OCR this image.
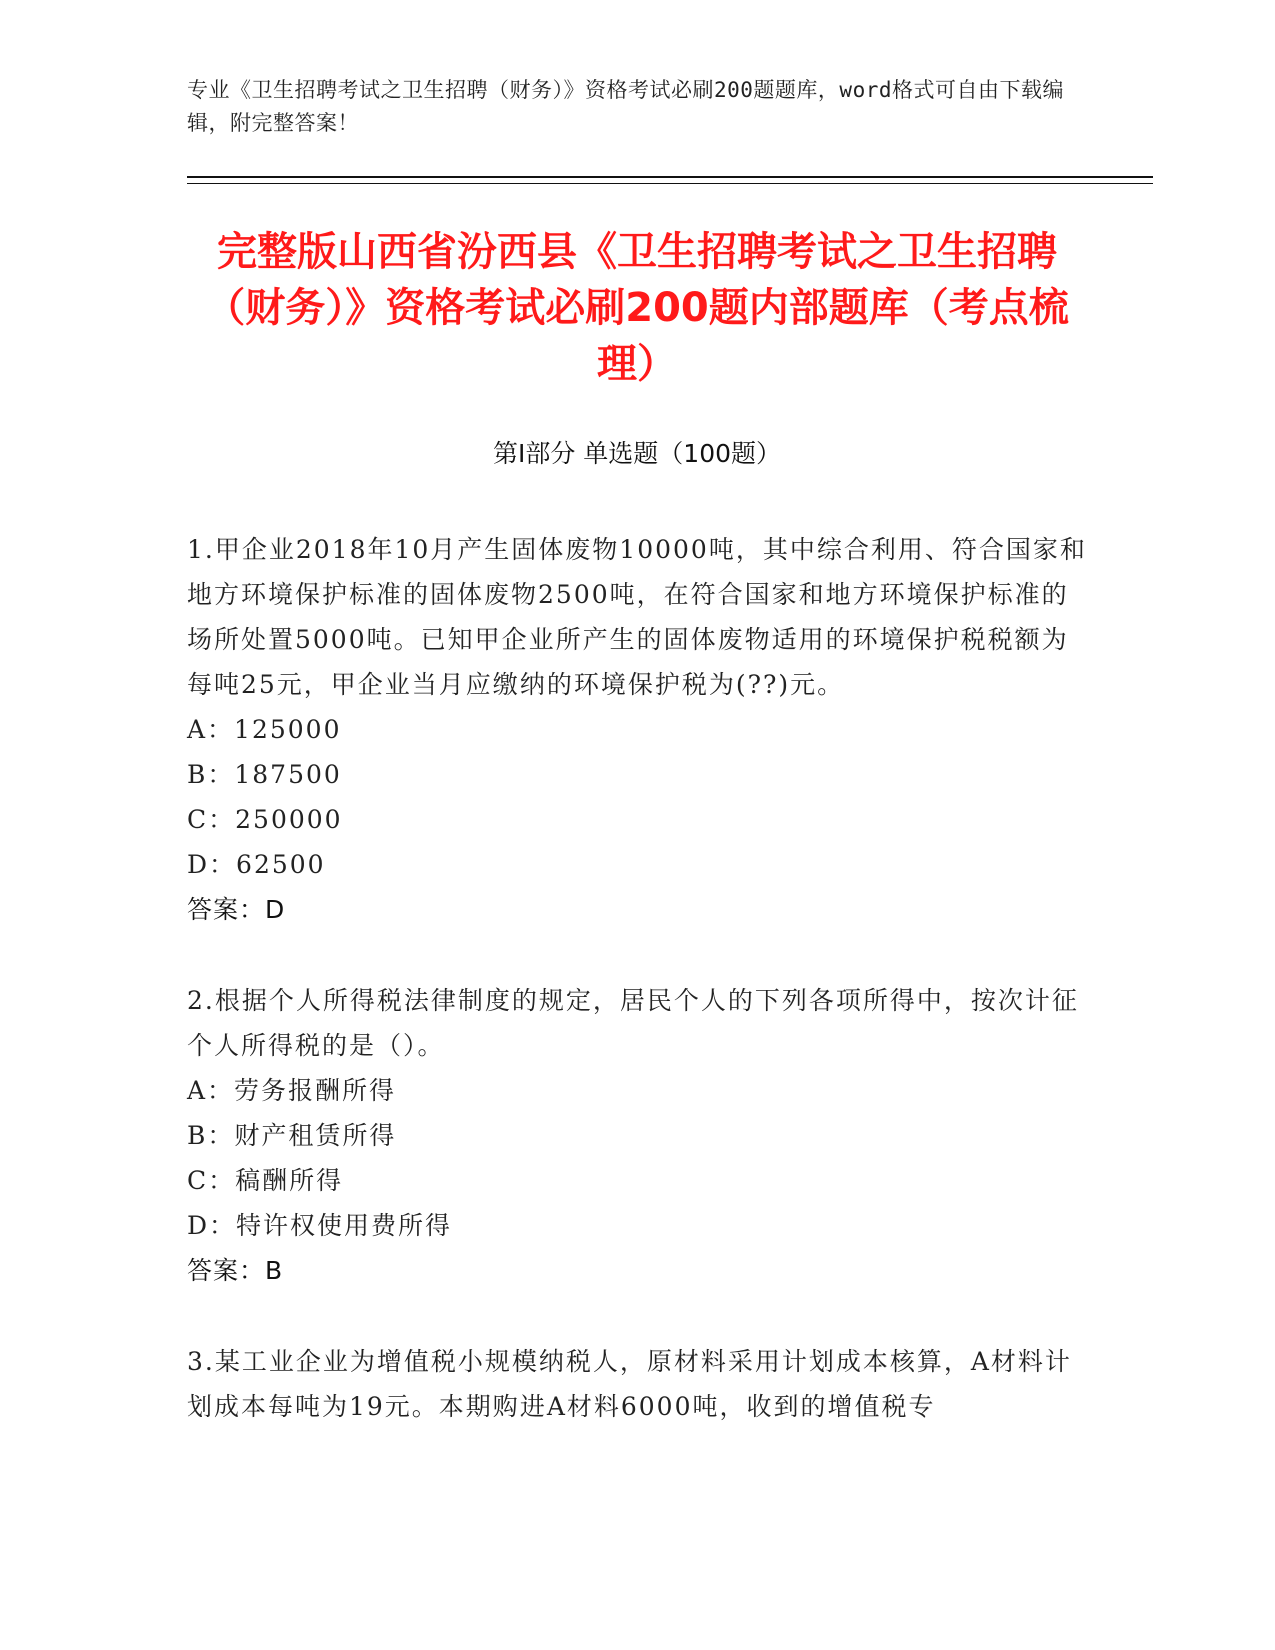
专业《卫生招聘考试之卫生招聘（财务）》资格考试必刷200题题库，word格式可自由下载编辑，附完整答案！
完整版山西省汾西县《卫生招聘考试之卫生招聘（财务）》资格考试必刷200题内部题库（考点梳理）
第Ⅰ部分 单选题（100题）

1.甲企业2018年10月产生固体废物10000吨，其中综合利用、符合国家和地方环境保护标准的固体废物2500吨，在符合国家和地方环境保护标准的场所处置5000吨。已知甲企业所产生的固体废物适用的环境保护税税额为每吨25元，甲企业当月应缴纳的环境保护税为(??)元。

A：125000

B：187500

C：250000

D：62500

答案：D

2.根据个人所得税法律制度的规定，居民个人的下列各项所得中，按次计征个人所得税的是（）。

A：劳务报酬所得

B：财产租赁所得

C：稿酬所得

D：特许权使用费所得

答案：B

3.某工业企业为增值税小规模纳税人，原材料采用计划成本核算，A材料计划成本每吨为19元。本期购进A材料6000吨，收到的增值税专
